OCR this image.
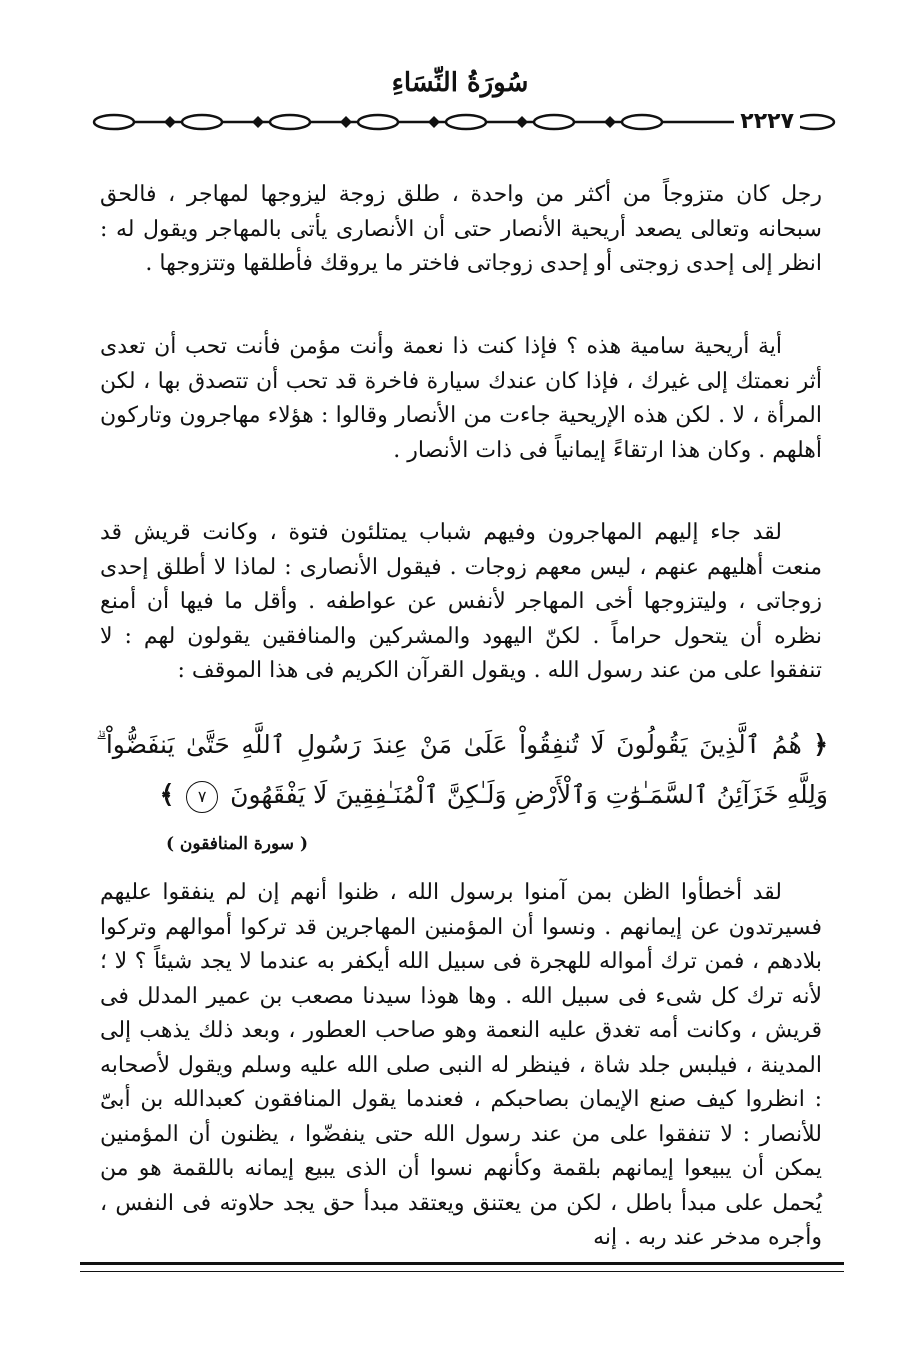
سُورَةُ النِّسَاءِ
٢٢٢٧

رجل كان متزوجاً من أكثر من واحدة ، طلق زوجة ليزوجها لمهاجر ، فالحق سبحانه وتعالى يصعد أريحية الأنصار حتى أن الأنصارى يأتى بالمهاجر ويقول له : انظر إلى إحدى زوجتى أو إحدى زوجاتى فاختر ما يروقك فأطلقها وتتزوجها .

أية أريحية سامية هذه ؟ فإذا كنت ذا نعمة وأنت مؤمن فأنت تحب أن تعدى أثر نعمتك إلى غيرك ، فإذا كان عندك سيارة فاخرة قد تحب أن تتصدق بها ، لكن المرأة ، لا . لكن هذه الإريحية جاءت من الأنصار وقالوا : هؤلاء مهاجرون وتاركون أهلهم . وكان هذا ارتقاءً إيمانياً فى ذات الأنصار .

لقد جاء إليهم المهاجرون وفيهم شباب يمتلئون فتوة ، وكانت قريش قد منعت أهليهم عنهم ، ليس معهم زوجات . فيقول الأنصارى : لماذا لا أطلق إحدى زوجاتى ، وليتزوجها أخى المهاجر لأنفس عن عواطفه . وأقل ما فيها أن أمنع نظره أن يتحول حراماً . لكنّ اليهود والمشركين والمنافقين يقولون لهم : لا تنفقوا على من عند رسول الله . ويقول القرآن الكريم فى هذا الموقف :

﴿ هُمُ ٱلَّذِينَ يَقُولُونَ لَا تُنفِقُواْ عَلَىٰ مَنْ عِندَ رَسُولِ ٱللَّهِ حَتَّىٰ يَنفَضُّواْ ۗ وَلِلَّهِ خَزَآئِنُ ٱلسَّمَـٰوَٰتِ وَٱلْأَرْضِ وَلَـٰكِنَّ ٱلْمُنَـٰفِقِينَ لَا يَفْقَهُونَ ٧ ﴾
( سورة المنافقون )

لقد أخطأوا الظن بمن آمنوا برسول الله ، ظنوا أنهم إن لم ينفقوا عليهم فسيرتدون عن إيمانهم . ونسوا أن المؤمنين المهاجرين قد تركوا أموالهم وتركوا بلادهم ، فمن ترك أمواله للهجرة فى سبيل الله أيكفر به عندما لا يجد شيئاً ؟ لا ؛ لأنه ترك كل شىء فى سبيل الله . وها هوذا سيدنا مصعب بن عمير المدلل فى قريش ، وكانت أمه تغدق عليه النعمة وهو صاحب العطور ، وبعد ذلك يذهب إلى المدينة ، فيلبس جلد شاة ، فينظر له النبى صلى الله عليه وسلم ويقول لأصحابه : انظروا كيف صنع الإيمان بصاحبكم ، فعندما يقول المنافقون كعبدالله بن أبىّ للأنصار : لا تنفقوا على من عند رسول الله حتى ينفضّوا ، يظنون أن المؤمنين يمكن أن يبيعوا إيمانهم بلقمة وكأنهم نسوا أن الذى يبيع إيمانه باللقمة هو من يُحمل على مبدأ باطل ، لكن من يعتنق ويعتقد مبدأ حق يجد حلاوته فى النفس ، وأجره مدخر عند ربه . إنه
